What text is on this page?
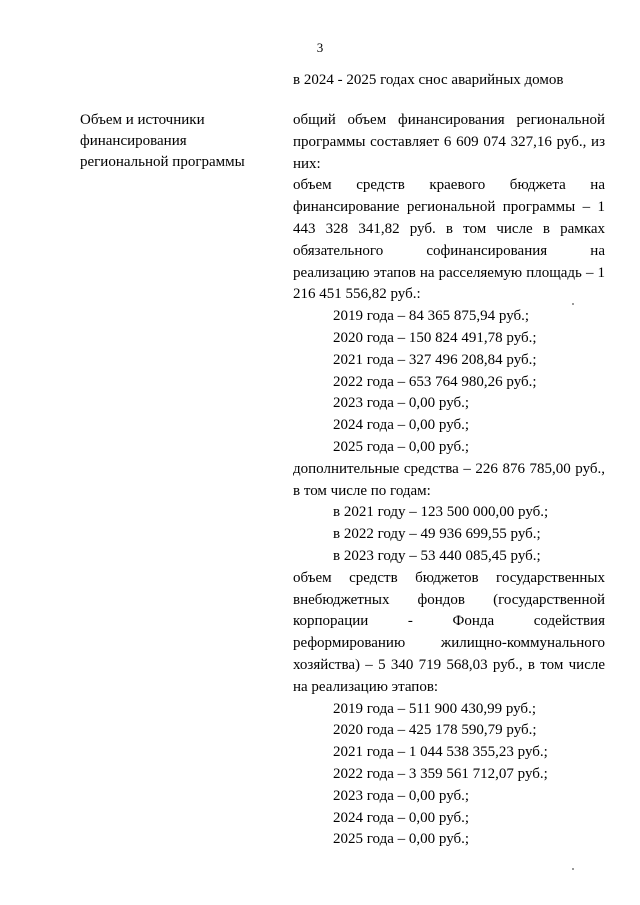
3
в 2024 - 2025 годах снос аварийных домов
Объем и источники
финансирования
региональной программы
общий объем финансирования региональной программы составляет 6 609 074 327,16 руб., из них:
объем средств краевого бюджета на финансирование региональной программы – 1 443 328 341,82 руб. в том числе в рамках обязательного софинансирования на реализацию этапов на расселяемую площадь – 1 216 451 556,82 руб.:
2019 года – 84 365 875,94 руб.;
2020 года – 150 824 491,78 руб.;
2021 года – 327 496 208,84 руб.;
2022 года – 653 764 980,26 руб.;
2023 года – 0,00 руб.;
2024 года – 0,00 руб.;
2025 года – 0,00 руб.;
дополнительные средства – 226 876 785,00 руб., в том числе по годам:
в 2021 году – 123 500 000,00 руб.;
в 2022 году – 49 936 699,55 руб.;
в 2023 году – 53 440 085,45 руб.;
объем средств бюджетов государственных внебюджетных фондов (государственной корпорации - Фонда содействия реформированию жилищно-коммунального хозяйства) – 5 340 719 568,03 руб., в том числе на реализацию этапов:
2019 года – 511 900 430,99 руб.;
2020 года – 425 178 590,79 руб.;
2021 года – 1 044 538 355,23 руб.;
2022 года – 3 359 561 712,07 руб.;
2023 года – 0,00 руб.;
2024 года – 0,00 руб.;
2025 года – 0,00 руб.;
